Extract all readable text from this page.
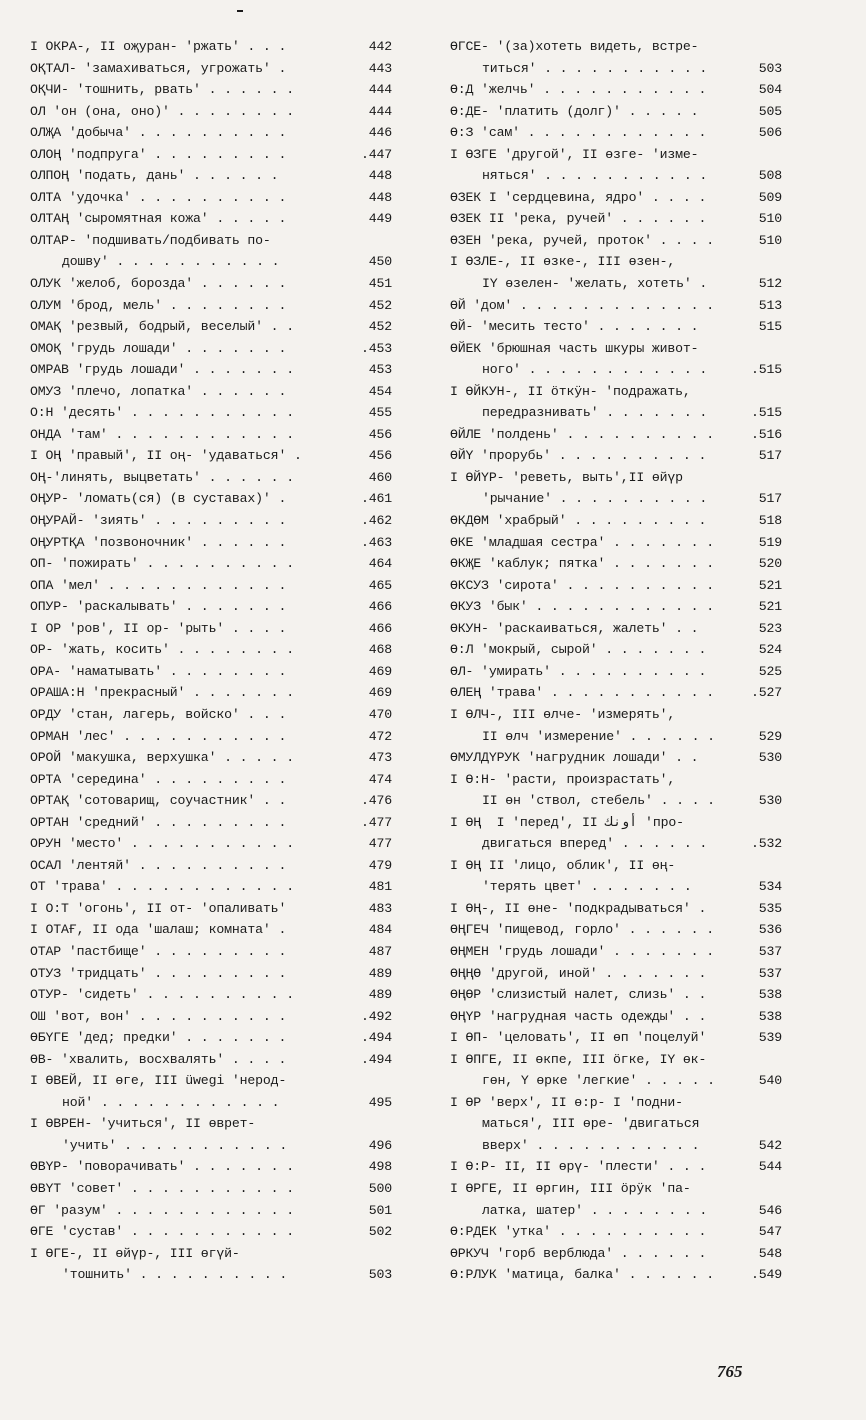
I ОКРА-, II оҗуран- 'ржать' . . .	442
ОҚТАЛ- 'замахиваться, угрожать' .	443
ОҚЧИ- 'тошнить, рвать' . . . . . .	444
ОЛ 'он (она, оно)' . . . . . . . .	444
ОЛҖА 'добыча' . . . . . . . . . .	446
ОЛОҢ 'подпруга' . . . . . . . . .	.447
ОЛПОҢ 'подать, дань' . . . . . .	448
ОЛТА 'удочка' . . . . . . . . . .	448
ОЛТАҢ 'сыромятная кожа' . . . . .	449
ОЛТАР- 'подшивать/подбивать по-
дошву' . . . . . . . . . . .	450
ОЛУК 'желоб, борозда' . . . . . .	451
ОЛУМ 'брод, мель' . . . . . . . .	452
ОМАҚ 'резвый, бодрый, веселый' . .	452
ОМОҚ 'грудь лошади' . . . . . . .	.453
ОМРАВ 'грудь лошади' . . . . . . .	453
ОМУЗ 'плечо, лопатка' . . . . . .	454
О:Н 'десять' . . . . . . . . . . .	455
ОНДА 'там' . . . . . . . . . . . .	456
I ОҢ 'правый', II оң- 'удаваться' .	456
ОҢ-'линять, выцветать' . . . . . .	460
ОҢУР- 'ломать(ся) (в суставах)' .	.461
ОҢУРАЙ- 'зиять' . . . . . . . . .	.462
ОҢУРТҚА 'позвоночник' . . . . . .	.463
ОП- 'пожирать' . . . . . . . . . .	464
ОПА 'мел' . . . . . . . . . . . .	465
ОПУР- 'раскалывать' . . . . . . .	466
I ОР 'ров', II ор- 'рыть' . . . .	466
ОР- 'жать, косить' . . . . . . . .	468
ОРА- 'наматывать' . . . . . . . .	469
ОРАША:Н 'прекрасный' . . . . . . .	469
ОРДУ 'стан, лагерь, войско' . . .	470
ОРМАН 'лес' . . . . . . . . . . .	472
ОРОЙ 'макушка, верхушка' . . . . .	473
ОРТА 'середина' . . . . . . . . .	474
ОРТАҚ 'сотоварищ, соучастник' . .	.476
ОРТАН 'средний' . . . . . . . . .	.477
ОРУН 'место' . . . . . . . . . . .	477
ОСАЛ 'лентяй' . . . . . . . . . .	479
ОТ 'трава' . . . . . . . . . . . .	481
I О:Т 'огонь', II от- 'опаливать'	483
I ОТАҒ, II ода 'шалаш; комната' .	484
ОТАР 'пастбище' . . . . . . . . .	487
ОТУЗ 'тридцать' . . . . . . . . .	489
ОТУР- 'сидеть' . . . . . . . . . .	489
ОШ 'вот, вон' . . . . . . . . . .	.492
ӨБҮГЕ 'дед; предки' . . . . . . .	.494
ӨВ- 'хвалить, восхвалять' . . . .	.494
I ӨВЕЙ, II өге, III üwegi 'нерод-
ной' . . . . . . . . . . . .	495
I ӨВРЕН- 'учиться', II өврет-
'учить' . . . . . . . . . . .	496
ӨВҮР- 'поворачивать' . . . . . . .	498
ӨВҮТ 'совет' . . . . . . . . . . .	500
ӨГ 'разум' . . . . . . . . . . . .	501
ӨГЕ 'сустав' . . . . . . . . . . .	502
I ӨГЕ-, II өйүр-, III өгүй-
'тошнить' . . . . . . . . . .	503
ӨГСЕ- '(за)хотеть видеть, встре-
титься' . . . . . . . . . . .	503
Ө:Д 'желчь' . . . . . . . . . . .	504
Ө:ДЕ- 'платить (долг)' . . . . .	505
Ө:З 'сам' . . . . . . . . . . . .	506
I ӨЗГЕ 'другой', II өзге- 'изме-
няться' . . . . . . . . . . .	508
ӨЗЕК I 'сердцевина, ядро' . . . .	509
ӨЗЕК II 'река, ручей' . . . . . .	510
ӨЗЕН 'река, ручей, проток' . . . .	510
I ӨЗЛЕ-, II өзке-, III өзен-,
IY өзелен- 'желать, хотеть' .	512
ӨЙ 'дом' . . . . . . . . . . . . .	513
ӨЙ- 'месить тесто' . . . . . . .	515
ӨЙЕК 'брюшная часть шкуры живот-
ного' . . . . . . . . . . . .	.515
I ӨЙКУН-, II ӧткӱн- 'подражать,
передразнивать' . . . . . . .	.515
ӨЙЛЕ 'полдень' . . . . . . . . . .	.516
ӨЙҮ 'прорубь' . . . . . . . . . .	517
I ӨЙҮР- 'реветь, выть',II өйүр
'рычание' . . . . . . . . . .	517
ӨКДӨМ 'храбрый' . . . . . . . . .	518
ӨКЕ 'младшая сестра' . . . . . . .	519
ӨКҖЕ 'каблук; пятка' . . . . . . .	520
ӨКСУЗ 'сирота' . . . . . . . . . .	521
ӨКУЗ 'бык' . . . . . . . . . . . .	521
ӨКУН- 'раскаиваться, жалеть' . .	523
Ө:Л 'мокрый, сырой' . . . . . . .	524
ӨЛ- 'умирать' . . . . . . . . . .	525
ӨЛЕҢ 'трава' . . . . . . . . . . .	.527
I ӨЛЧ-, III өлче- 'измерять',
II өлч 'измерение' . . . . . .	529
ӨМУЛДҮРУК 'нагрудник лошади' . .	530
I Ө:Н- 'расти, произрастать',
II өн 'ствол, стебель' . . . .	530
I ӨҢ  I 'перед', II أونك 'про-
двигаться вперед' . . . . . .	.532
I ӨҢ II 'лицо, облик', II өң-
'терять цвет' . . . . . . .	534
I ӨҢ-, II өне- 'подкрадываться' .	535
ӨҢГЕЧ 'пищевод, горло' . . . . . .	536
ӨҢМЕН 'грудь лошади' . . . . . . .	537
ӨҢҢӨ 'другой, иной' . . . . . . .	537
ӨҢӨР 'слизистый налет, слизь' . .	538
ӨҢҮР 'нагрудная часть одежды' . .	538
I ӨП- 'целовать', II өп 'поцелуй'	539
I ӨПГЕ, II өкпе, III ӧгке, IY өк-
гөн, Y өрке 'легкие' . . . . .	540
I ӨР 'верх', II ө:р- I 'подни-
маться', III өре- 'двигаться
вверх' . . . . . . . . . . .	542
I Ө:Р- II, II өрү- 'плести' . . .	544
I ӨРГЕ, II өргин, III ӧрӱк 'па-
латка, шатер' . . . . . . . .	546
Ө:РДЕК 'утка' . . . . . . . . . .	547
ӨРКУЧ 'горб верблюда' . . . . . .	548
Ө:РЛУК 'матица, балка' . . . . . .	.549
765
